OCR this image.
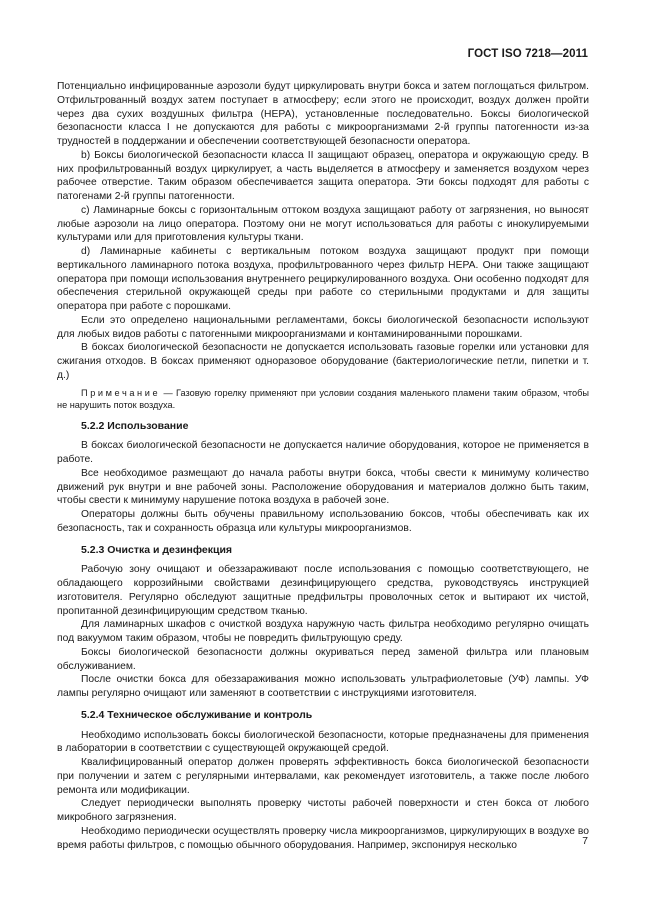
ГОСТ ISO 7218—2011

Потенциально инфицированные аэрозоли будут циркулировать внутри бокса и затем поглощаться фильтром. Отфильтрованный воздух затем поступает в атмосферу; если этого не происходит, воздух должен пройти через два сухих воздушных фильтра (НЕРА), установленные последовательно. Боксы биологической безопасности класса I не допускаются для работы с микроорганизмами 2-й группы патогенности из-за трудностей в поддержании и обеспечении соответствующей безопасности оператора.

b) Боксы биологической безопасности класса II защищают образец, оператора и окружающую среду. В них профильтрованный воздух циркулирует, а часть выделяется в атмосферу и заменяется воздухом через рабочее отверстие. Таким образом обеспечивается защита оператора. Эти боксы подходят для работы с патогенами 2-й группы патогенности.

c) Ламинарные боксы с горизонтальным оттоком воздуха защищают работу от загрязнения, но выносят любые аэрозоли на лицо оператора. Поэтому они не могут использоваться для работы с инокулируемыми культурами или для приготовления культуры ткани.

d) Ламинарные кабинеты с вертикальным потоком воздуха защищают продукт при помощи вертикального ламинарного потока воздуха, профильтрованного через фильтр НЕРА. Они также защищают оператора при помощи использования внутреннего рециркулированного воздуха. Они особенно подходят для обеспечения стерильной окружающей среды при работе со стерильными продуктами и для защиты оператора при работе с порошками.

Если это определено национальными регламентами, боксы биологической безопасности используют для любых видов работы с патогенными микроорганизмами и контаминированными порошками.

В боксах биологической безопасности не допускается использовать газовые горелки или установки для сжигания отходов. В боксах применяют одноразовое оборудование (бактериологические петли, пипетки и т. д.)

Примечание — Газовую горелку применяют при условии создания маленького пламени таким образом, чтобы не нарушить поток воздуха.
5.2.2 Использование

В боксах биологической безопасности не допускается наличие оборудования, которое не применяется в работе.

Все необходимое размещают до начала работы внутри бокса, чтобы свести к минимуму количество движений рук внутри и вне рабочей зоны. Расположение оборудования и материалов должно быть таким, чтобы свести к минимуму нарушение потока воздуха в рабочей зоне.

Операторы должны быть обучены правильному использованию боксов, чтобы обеспечивать как их безопасность, так и сохранность образца или культуры микроорганизмов.

5.2.3 Очистка и дезинфекция

Рабочую зону очищают и обеззараживают после использования с помощью соответствующего, не обладающего коррозийными свойствами дезинфицирующего средства, руководствуясь инструкцией изготовителя. Регулярно обследуют защитные предфильтры проволочных сеток и вытирают их чистой, пропитанной дезинфицирующим средством тканью.

Для ламинарных шкафов с очисткой воздуха наружную часть фильтра необходимо регулярно очищать под вакуумом таким образом, чтобы не повредить фильтрующую среду.

Боксы биологической безопасности должны окуриваться перед заменой фильтра или плановым обслуживанием.

После очистки бокса для обеззараживания можно использовать ультрафиолетовые (УФ) лампы. УФ лампы регулярно очищают или заменяют в соответствии с инструкциями изготовителя.

5.2.4 Техническое обслуживание и контроль

Необходимо использовать боксы биологической безопасности, которые предназначены для применения в лаборатории в соответствии с существующей окружающей средой.

Квалифицированный оператор должен проверять эффективность бокса биологической безопасности при получении и затем с регулярными интервалами, как рекомендует изготовитель, а также после любого ремонта или модификации.

Следует периодически выполнять проверку чистоты рабочей поверхности и стен бокса от любого микробного загрязнения.

Необходимо периодически осуществлять проверку числа микроорганизмов, циркулирующих в воздухе во время работы фильтров, с помощью обычного оборудования. Например, экспонируя несколько	7
